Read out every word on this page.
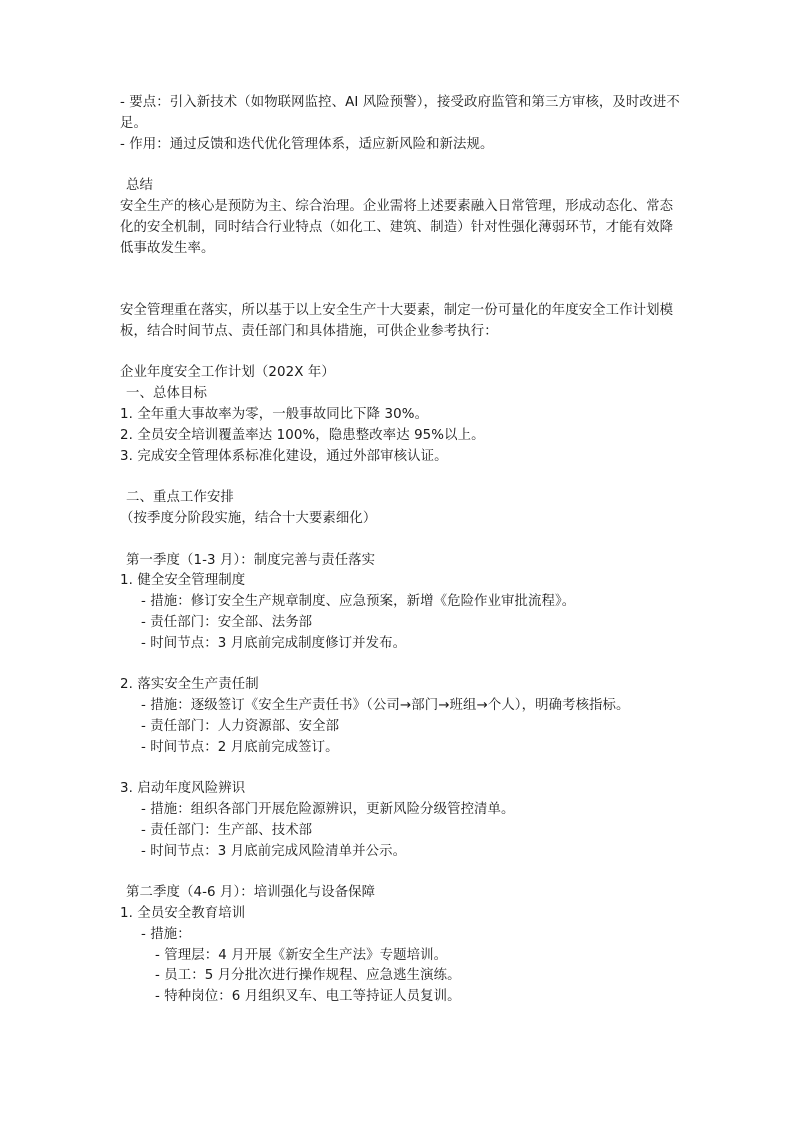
- 要点：引入新技术（如物联网监控、AI 风险预警），接受政府监管和第三方审核，及时改进不足。
- 作用：通过反馈和迭代优化管理体系，适应新风险和新法规。
总结
安全生产的核心是预防为主、综合治理。企业需将上述要素融入日常管理，形成动态化、常态化的安全机制，同时结合行业特点（如化工、建筑、制造）针对性强化薄弱环节，才能有效降低事故发生率。
安全管理重在落实，所以基于以上安全生产十大要素，制定一份可量化的年度安全工作计划模板，结合时间节点、责任部门和具体措施，可供企业参考执行：
企业年度安全工作计划（202X 年）
一、总体目标
1. 全年重大事故率为零，一般事故同比下降 30%。
2. 全员安全培训覆盖率达 100%，隐患整改率达 95%以上。
3. 完成安全管理体系标准化建设，通过外部审核认证。
二、重点工作安排
（按季度分阶段实施，结合十大要素细化）
第一季度（1-3 月）：制度完善与责任落实
1. 健全安全管理制度
- 措施：修订安全生产规章制度、应急预案，新增《危险作业审批流程》。
- 责任部门：安全部、法务部
- 时间节点：3 月底前完成制度修订并发布。
2. 落实安全生产责任制
- 措施：逐级签订《安全生产责任书》（公司→部门→班组→个人），明确考核指标。
- 责任部门：人力资源部、安全部
- 时间节点：2 月底前完成签订。
3. 启动年度风险辨识
- 措施：组织各部门开展危险源辨识，更新风险分级管控清单。
- 责任部门：生产部、技术部
- 时间节点：3 月底前完成风险清单并公示。
第二季度（4-6 月）：培训强化与设备保障
1. 全员安全教育培训
- 措施：
- 管理层：4 月开展《新安全生产法》专题培训。
- 员工：5 月分批次进行操作规程、应急逃生演练。
- 特种岗位：6 月组织叉车、电工等持证人员复训。
